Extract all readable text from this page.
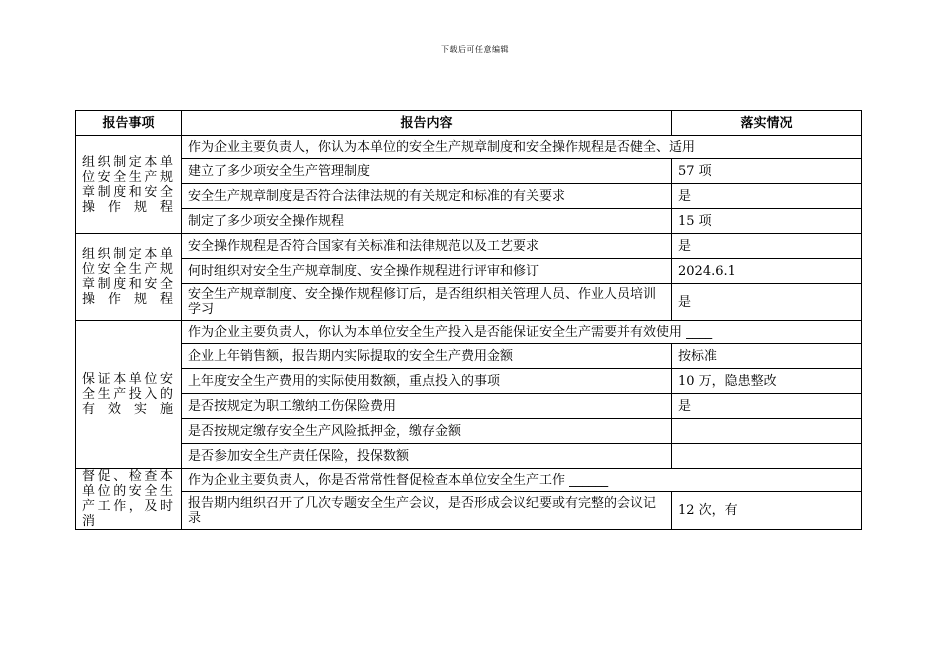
下载后可任意编辑
报告事项	报告内容	落实情况
组织制定本单位安全生产规章制度和安全操作规程	作为企业主要负责人，你认为本单位的安全生产规章制度和安全操作规程是否健全、适用	
	建立了多少项安全生产管理制度	57 项
	安全生产规章制度是否符合法律法规的有关规定和标准的有关要求	是
	制定了多少项安全操作规程	15 项
组织制定本单位安全生产规章制度和安全操作规程	安全操作规程是否符合国家有关标准和法律规范以及工艺要求	是
	何时组织对安全生产规章制度、安全操作规程进行评审和修订	2024.6.1
	安全生产规章制度、安全操作规程修订后，是否组织相关管理人员、作业人员培训学习	是
保证本单位安全生产投入的有效实施	作为企业主要负责人，你认为本单位安全生产投入是否能保证安全生产需要并有效使用 ____	
	企业上年销售额，报告期内实际提取的安全生产费用金额	按标准
	上年度安全生产费用的实际使用数额，重点投入的事项	10 万，隐患整改
	是否按规定为职工缴纳工伤保险费用	是
	是否按规定缴存安全生产风险抵押金，缴存金额	
	是否参加安全生产责任保险，投保数额	
督促、检查本单位的安全生产工作，及时消	作为企业主要负责人，你是否常常性督促检查本单位安全生产工作 ______	
	报告期内组织召开了几次专题安全生产会议，是否形成会议纪要或有完整的会议记录	12 次，有
